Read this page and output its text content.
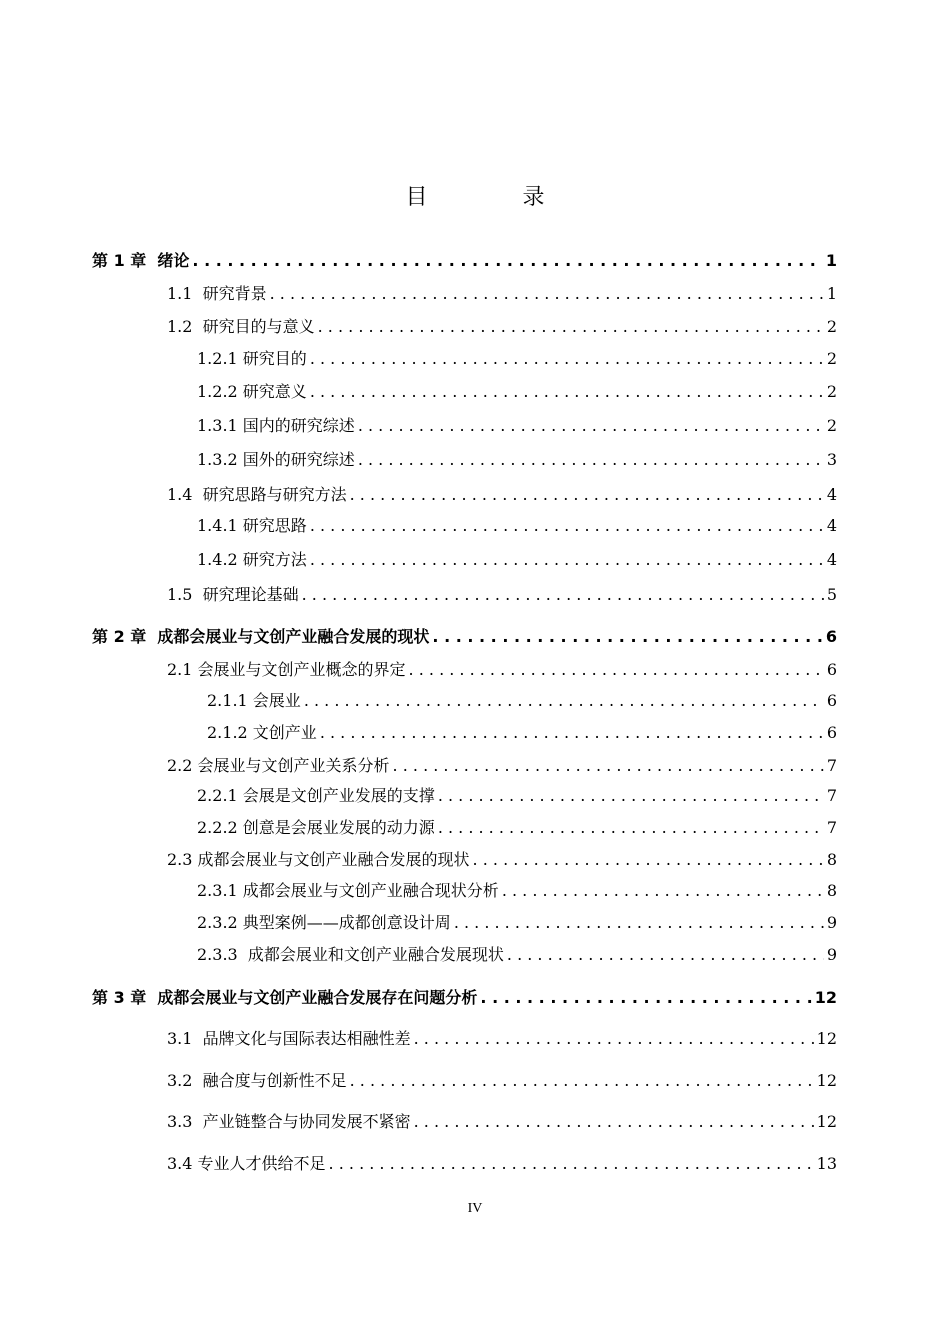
目 录
第 1 章  绪论 . . .	1
1.1  研究背景 . . .	1
1.2  研究目的与意义 . . .	2
1.2.1 研究目的 . . .	2
1.2.2 研究意义 . . .	2
1.3.1 国内的研究综述 . . .	2
1.3.2 国外的研究综述 . . .	3
1.4  研究思路与研究方法 . . .	4
1.4.1 研究思路 . . .	4
1.4.2 研究方法 . . .	4
1.5  研究理论基础 . . .	5
第 2 章  成都会展业与文创产业融合发展的现状 . . .	6
2.1 会展业与文创产业概念的界定 . . .	6
2.1.1 会展业 . . .	6
2.1.2 文创产业 . . .	6
2.2 会展业与文创产业关系分析 . . .	7
2.2.1 会展是文创产业发展的支撑 . . .	7
2.2.2 创意是会展业发展的动力源 . . .	7
2.3 成都会展业与文创产业融合发展的现状 . . .	8
2.3.1 成都会展业与文创产业融合现状分析 . . .	8
2.3.2 典型案例——成都创意设计周 . . .	9
2.3.3  成都会展业和文创产业融合发展现状 . . .	9
第 3 章  成都会展业与文创产业融合发展存在问题分析 . . .	12
3.1  品牌文化与国际表达相融性差 . . .	12
3.2  融合度与创新性不足 . . .	12
3.3  产业链整合与协同发展不紧密 . . .	12
3.4 专业人才供给不足 . . .	13
IV
